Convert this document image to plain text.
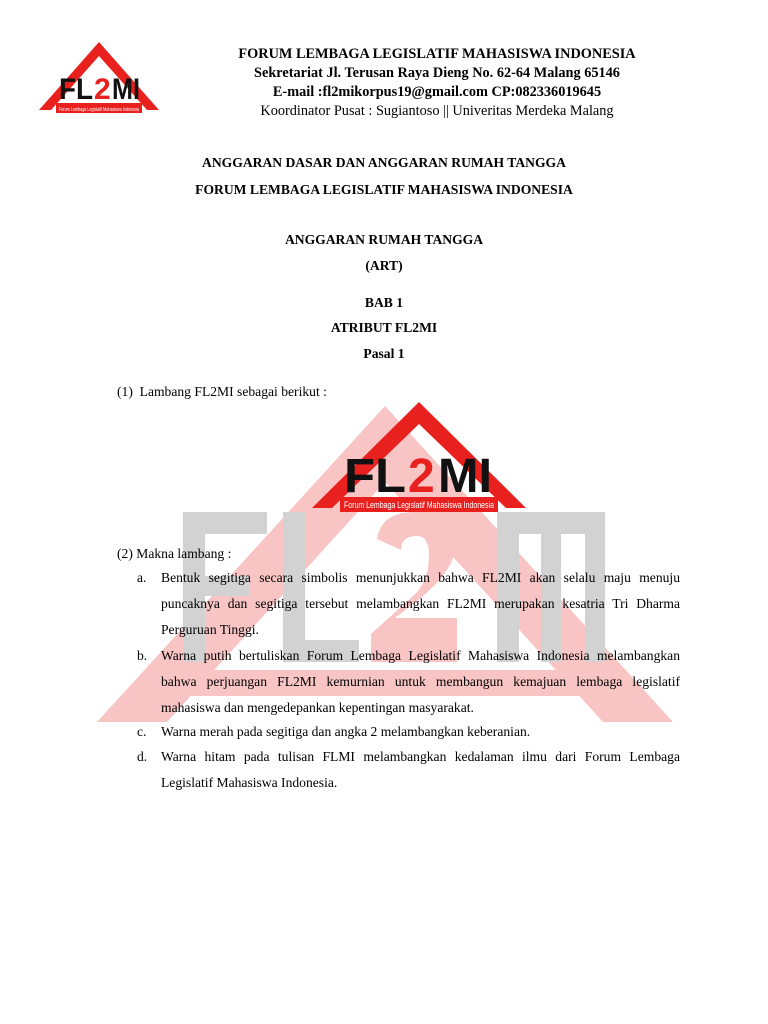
FL 2 MI
Forum Lembaga Legislatif Mahasiswa Indonesia
FORUM LEMBAGA LEGISLATIF MAHASISWA INDONESIA
Sekretariat Jl. Terusan Raya Dieng No. 62-64 Malang 65146
E-mail :fl2mikorpus19@gmail.com CP:082336019645
Koordinator Pusat : Sugiantoso || Univeritas Merdeka Malang
ANGGARAN DASAR DAN ANGGARAN RUMAH TANGGA
FORUM LEMBAGA LEGISLATIF MAHASISWA INDONESIA
ANGGARAN RUMAH TANGGA
(ART)
BAB 1
ATRIBUT FL2MI
Pasal 1
(1)  Lambang FL2MI sebagai berikut :
FL 2 MI
Forum Lembaga Legislatif Mahasiswa Indonesia
(2) Makna lambang :
a. Bentuk segitiga secara simbolis menunjukkan bahwa FL2MI akan selalu maju menuju puncaknya dan segitiga tersebut melambangkan FL2MI merupakan kesatria Tri Dharma Perguruan Tinggi.
b. Warna putih bertuliskan Forum Lembaga Legislatif Mahasiswa Indonesia melambangkan bahwa perjuangan FL2MI kemurnian untuk membangun kemajuan lembaga legislatif mahasiswa dan mengedepankan kepentingan masyarakat.
c. Warna merah pada segitiga dan angka 2 melambangkan keberanian.
d. Warna hitam pada tulisan FLMI melambangkan kedalaman ilmu dari Forum Lembaga Legislatif Mahasiswa Indonesia.
